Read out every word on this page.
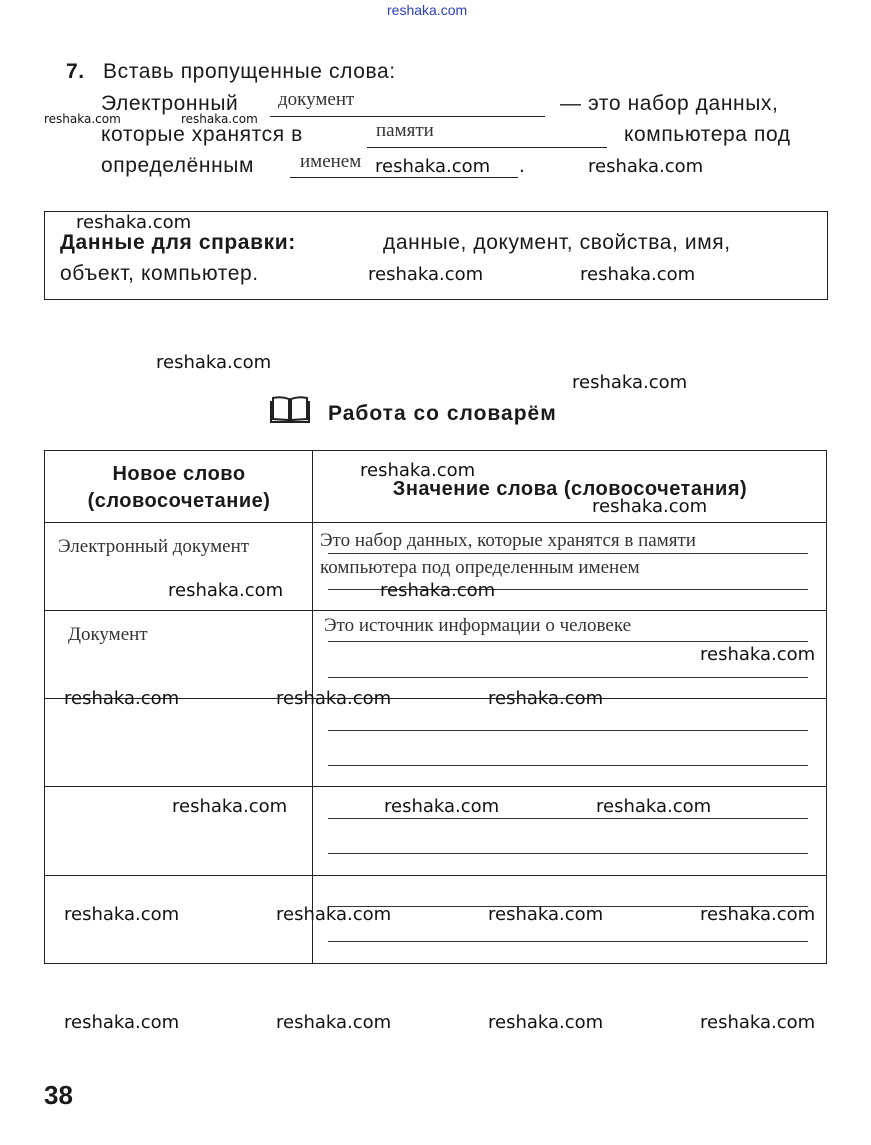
reshaka.com
7. Вставь пропущенные слова:
Электронный документ	— это набор данных,
которые хранятся в	памяти	компьютера под
определённым именем	.
reshaka.com	reshaka.com
reshaka.com	reshaka.com
reshaka.com
Данные для справки:	данные, документ, свойства, имя,
объект, компьютер.	reshaka.com	reshaka.com
reshaka.com
reshaka.com
Работа со словарём
Новое слово
(словосочетание)
Значение слова (словосочетания)
reshaka.com
reshaka.com
Электронный документ	Это набор данных, которые хранятся в памяти
компьютера под определенным именем
reshaka.com	reshaka.com
Документ	Это источник информации о человеке
reshaka.com
reshaka.com	reshaka.com	reshaka.com
reshaka.com	reshaka.com	reshaka.com
reshaka.com	reshaka.com	reshaka.com	reshaka.com
reshaka.com	reshaka.com	reshaka.com	reshaka.com
38
